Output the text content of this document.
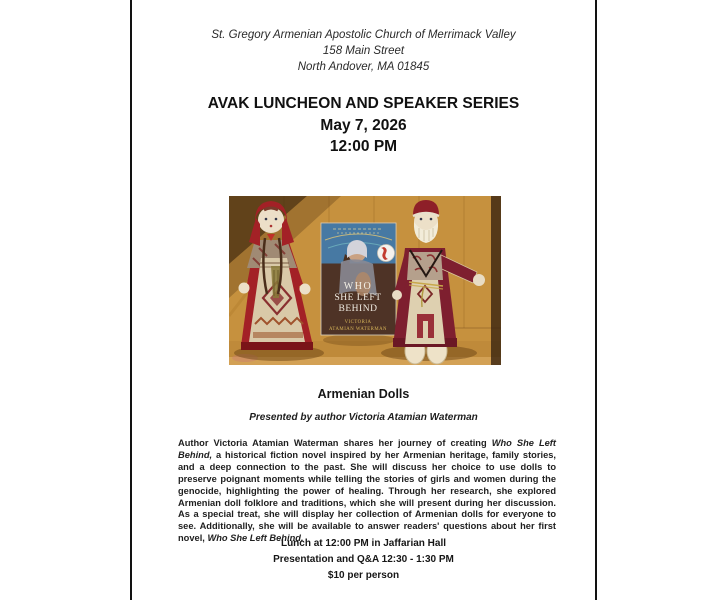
St. Gregory Armenian Apostolic Church of Merrimack Valley
158 Main Street
North Andover, MA 01845
AVAK LUNCHEON AND SPEAKER SERIES
May 7, 2026
12:00 PM
WHO
SHE LEFT
BEHIND
VICTORIA
ATAMIAN WATERMAN
Armenian Dolls
Presented by author Victoria Atamian Waterman
Author Victoria Atamian Waterman shares her journey of creating Who She Left Behind, a historical fiction novel inspired by her Armenian heritage, family stories, and a deep connection to the past. She will discuss her choice to use dolls to preserve poignant moments while telling the stories of girls and women during the genocide, highlighting the power of healing. Through her research, she explored Armenian doll folklore and traditions, which she will present during her discussion. As a special treat, she will display her collection of Armenian dolls for everyone to see. Additionally, she will be available to answer readers' questions about her first novel, Who She Left Behind.
Lunch at 12:00 PM in Jaffarian Hall
Presentation and Q&A 12:30 - 1:30 PM
$10 per person
